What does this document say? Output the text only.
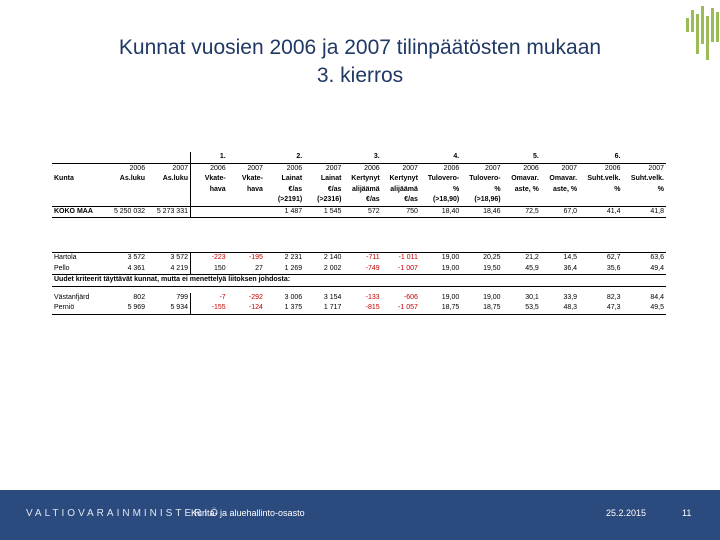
Kunnat vuosien 2006 ja 2007 tilinpäätösten mukaan
3. kierros
			1.		2.		3.		4.		5.		6.	
	2006	2007	2006	2007	2006	2007	2006	2007	2006	2007	2006	2007	2006	2007
Kunta	As.luku	As.luku	Vkate-	Vkate-	Lainat	Lainat	Kertynyt	Kertynyt	Tulovero-	Tulovero-	Omavar.	Omavar.	Suht.velk.	Suht.velk.
			hava	hava	€/as	€/as	alijäämä	alijäämä	%	%	aste, %	aste, %	%	%
					(>2191)	(>2316)	€/as	€/as	(>18,90)	(>18,96)				
KOKO MAA	5 250 032	5 273 331			1 487	1 545	572	750	18,40	18,46	72,5	67,0	41,4	41,8

Hartola	3 572	3 572	-223	-195	2 231	2 140	-711	-1 011	19,00	20,25	21,2	14,5	62,7	63,6
Pello	4 361	4 219	150	27	1 269	2 002	-749	-1 007	19,00	19,50	45,9	36,4	35,6	49,4
Uudet kriteerit täyttävät kunnat, mutta ei menettelyä liitoksen johdosta:														

Västanfjärd	802	799	-7	-292	3 006	3 154	-133	-606	19,00	19,00	30,1	33,9	82,3	84,4
Perniö	5 969	5 934	-155	-124	1 375	1 717	-815	-1 057	18,75	18,75	53,5	48,3	47,3	49,5
VALTIOVARAINMINISTERIÖ
Kunta- ja aluehallinto-osasto	25.2.2015	11
